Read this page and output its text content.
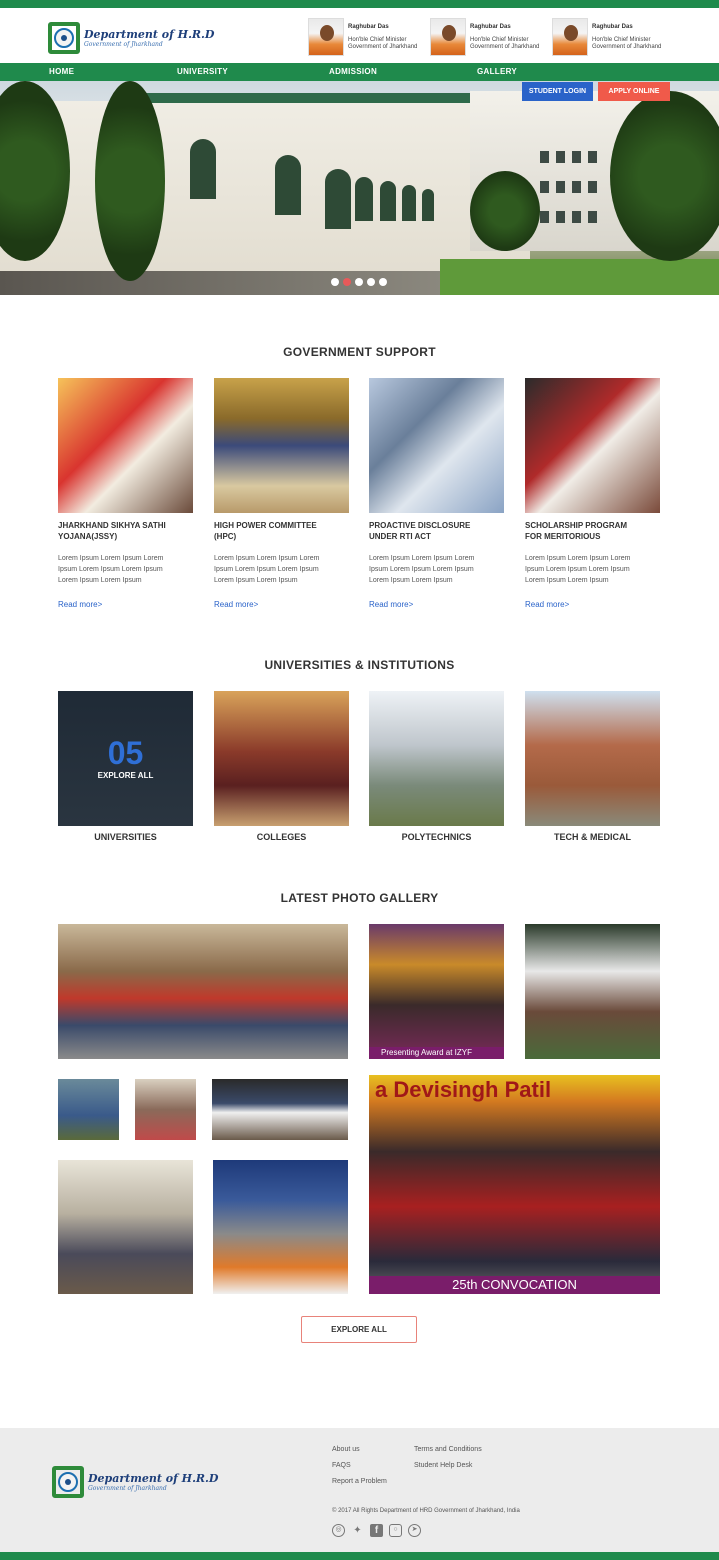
Department of H.R.D
Government of Jharkhand
Raghubar Das
Hon'ble Chief Minister
Government of Jharkhand
Raghubar Das
Hon'ble Chief Minister
Government of Jharkhand
Raghubar Das
Hon'ble Chief Minister
Government of Jharkhand
HOME	UNIVERSITY	ADMISSION	GALLERY
STUDENT LOGIN	APPLY ONLINE
GOVERNMENT SUPPORT
JHARKHAND SIKHYA SATHI
YOJANA(JSSY)
Lorem Ipsum Lorem Ipsum Lorem
Ipsum Lorem Ipsum Lorem Ipsum
Lorem Ipsum Lorem Ipsum
Read more>
HIGH POWER COMMITTEE
(HPC)
Lorem Ipsum Lorem Ipsum Lorem
Ipsum Lorem Ipsum Lorem Ipsum
Lorem Ipsum Lorem Ipsum
Read more>
PROACTIVE DISCLOSURE
UNDER RTI ACT
Lorem Ipsum Lorem Ipsum Lorem
Ipsum Lorem Ipsum Lorem Ipsum
Lorem Ipsum Lorem Ipsum
Read more>
SCHOLARSHIP PROGRAM
FOR MERITORIOUS
Lorem Ipsum Lorem Ipsum Lorem
Ipsum Lorem Ipsum Lorem Ipsum
Lorem Ipsum Lorem Ipsum
Read more>
UNIVERSITIES & INSTITUTIONS
05
EXPLORE ALL
UNIVERSITIES	COLLEGES	POLYTECHNICS	TECH & MEDICAL
LATEST PHOTO GALLERY
Presenting Award at IZYF
a Devisingh Patil
25th CONVOCATION
EXPLORE ALL
Department of H.R.D
Government of Jharkhand
About us
FAQS
Report a Problem
Terms and Conditions
Student Help Desk
© 2017 All Rights Department of HRD Government of Jharkhand, India
◎	✦	f	○	➤
